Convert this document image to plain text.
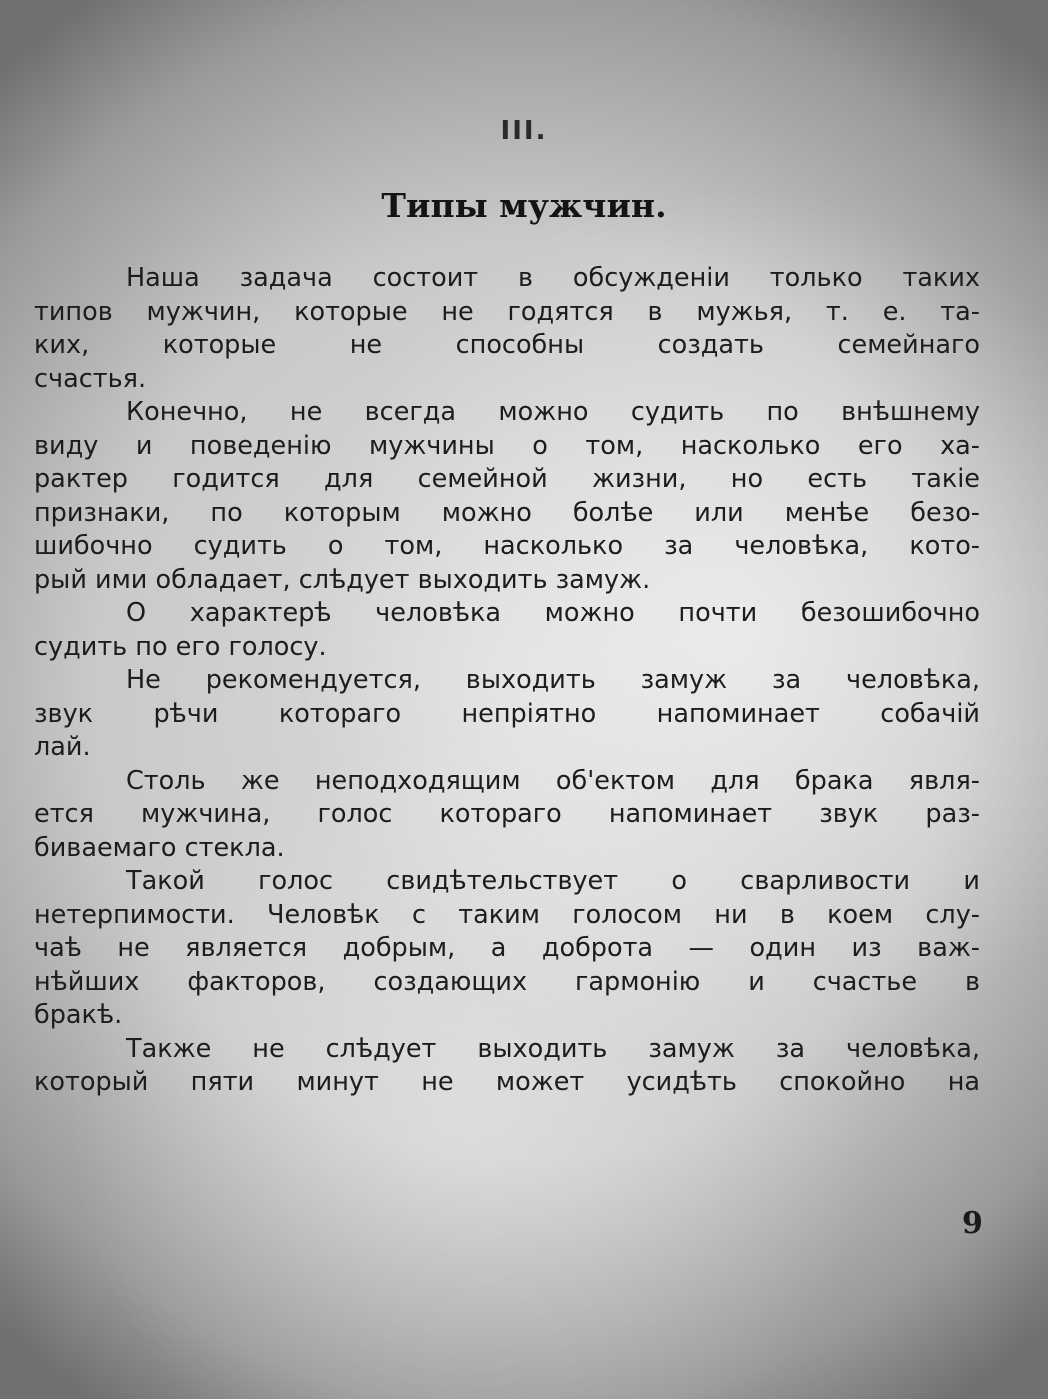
III.
Типы мужчин.
Наша задача состоит в обсужденіи только таких
типов мужчин, которые не годятся в мужья, т. е. та-
ких, которые не способны создать семейнаго
счастья.
Конечно, не всегда можно судить по внѣшнему
виду и поведенію мужчины о том, насколько его ха-
рактер годится для семейной жизни, но есть такіе
признаки, по которым можно болѣе или менѣе безо-
шибочно судить о том, насколько за человѣка, кото-
рый ими обладает, слѣдует выходить замуж.
О характерѣ человѣка можно почти безошибочно
судить по его голосу.
Не рекомендуется, выходить замуж за человѣка,
звук рѣчи котораго непріятно напоминает собачій
лай.
Столь же неподходящим об'ектом для брака явля-
ется мужчина, голос котораго напоминает звук раз-
биваемаго стекла.
Такой голос свидѣтельствует о сварливости и
нетерпимости. Человѣк с таким голосом ни в коем слу-
чаѣ не является добрым, а доброта — один из важ-
нѣйших факторов, создающих гармонію и счастье в
бракѣ.
Также не слѣдует выходить замуж за человѣка,
который пяти минут не может усидѣть спокойно на
9
